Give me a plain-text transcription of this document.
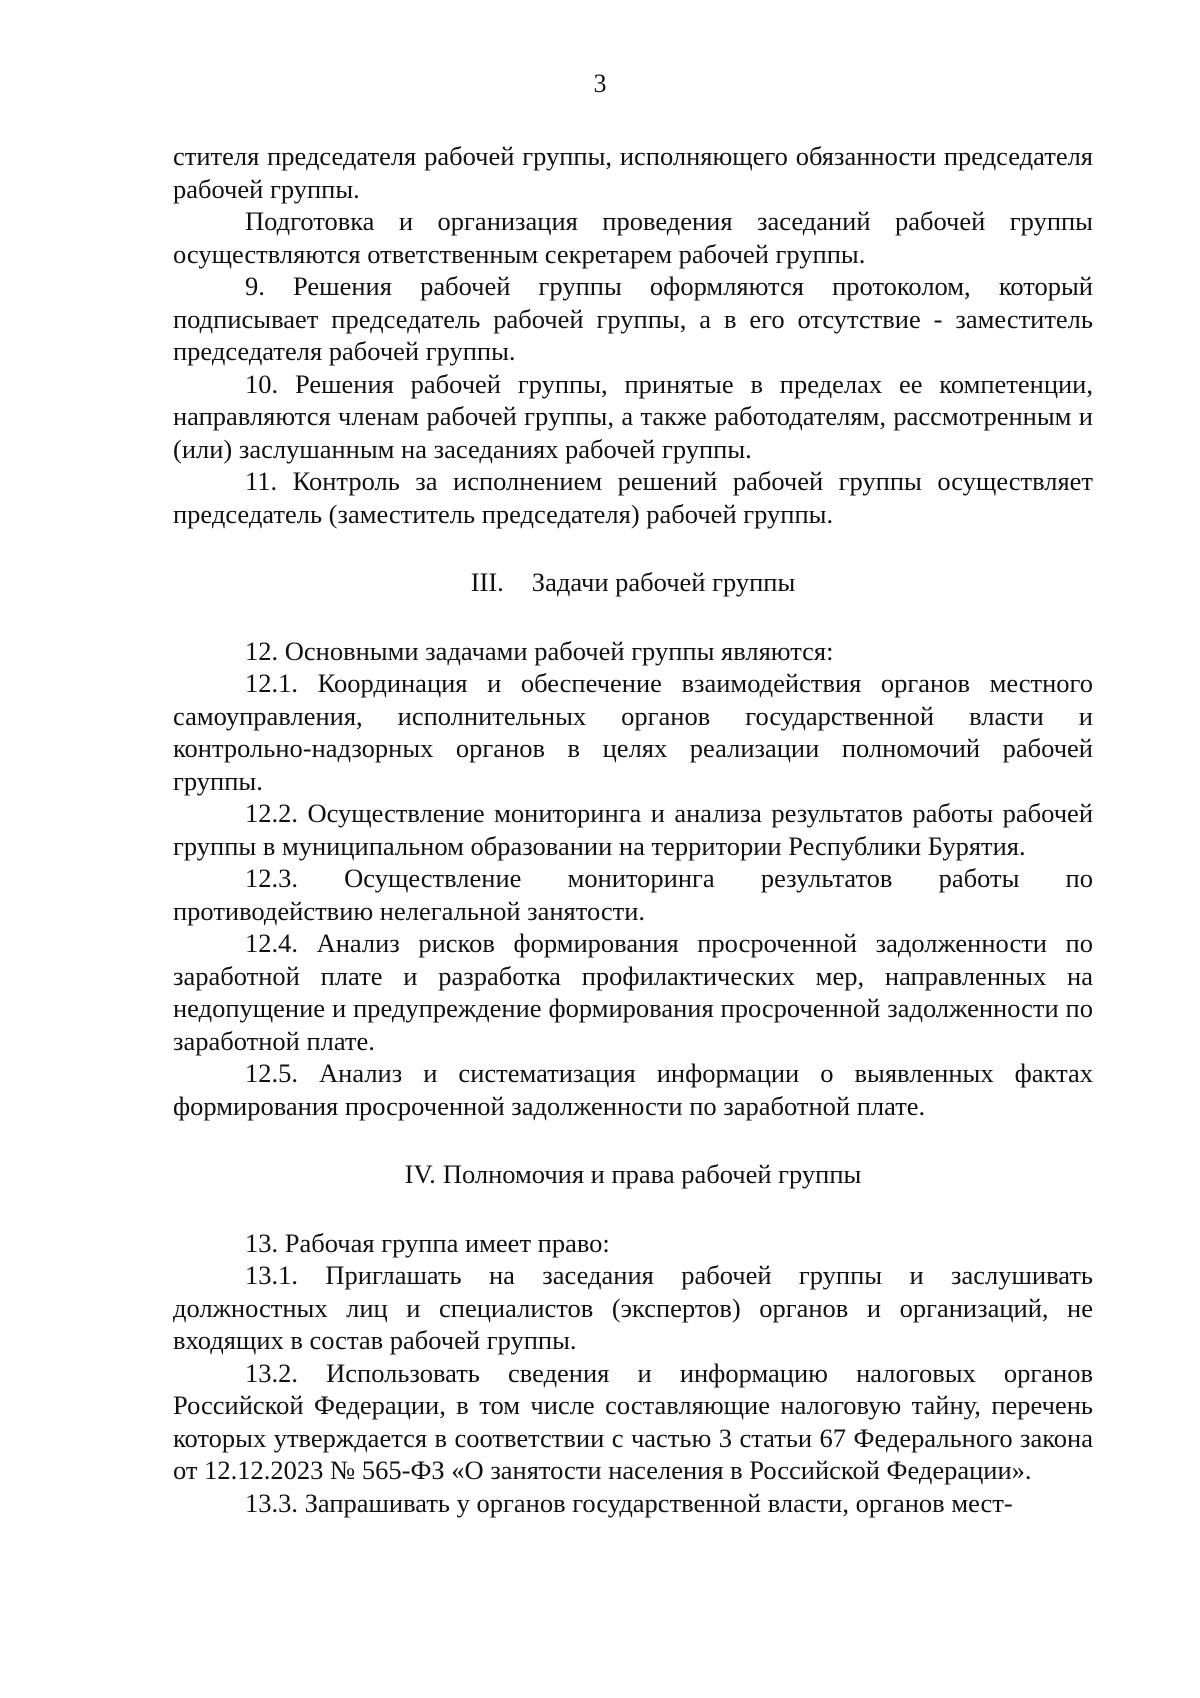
3

стителя председателя рабочей группы, исполняющего обязанности председателя рабочей группы.

Подготовка и организация проведения заседаний рабочей группы осуществляются ответственным секретарем рабочей группы.

9. Решения рабочей группы оформляются протоколом, который подписывает председатель рабочей группы, а в его отсутствие - заместитель председателя рабочей группы.

10. Решения рабочей группы, принятые в пределах ее компетенции, направляются членам рабочей группы, а также работодателям, рассмотренным и (или) заслушанным на заседаниях рабочей группы.

11. Контроль за исполнением решений рабочей группы осуществляет председатель (заместитель председателя) рабочей группы.

III. Задачи рабочей группы

12. Основными задачами рабочей группы являются:

12.1. Координация и обеспечение взаимодействия органов местного самоуправления, исполнительных органов государственной власти и контрольно-надзорных органов в целях реализации полномочий рабочей группы.

12.2. Осуществление мониторинга и анализа результатов работы рабочей группы в муниципальном образовании на территории Республики Бурятия.

12.3. Осуществление мониторинга результатов работы по противодействию нелегальной занятости.

12.4. Анализ рисков формирования просроченной задолженности по заработной плате и разработка профилактических мер, направленных на недопущение и предупреждение формирования просроченной задолженности по заработной плате.

12.5. Анализ и систематизация информации о выявленных фактах формирования просроченной задолженности по заработной плате.

IV. Полномочия и права рабочей группы

13. Рабочая группа имеет право:

13.1. Приглашать на заседания рабочей группы и заслушивать должностных лиц и специалистов (экспертов) органов и организаций, не входящих в состав рабочей группы.

13.2. Использовать сведения и информацию налоговых органов Российской Федерации, в том числе составляющие налоговую тайну, перечень которых утверждается в соответствии с частью 3 статьи 67 Федерального закона от 12.12.2023 № 565-ФЗ «О занятости населения в Российской Федерации».

13.3. Запрашивать у органов государственной власти, органов мест-
